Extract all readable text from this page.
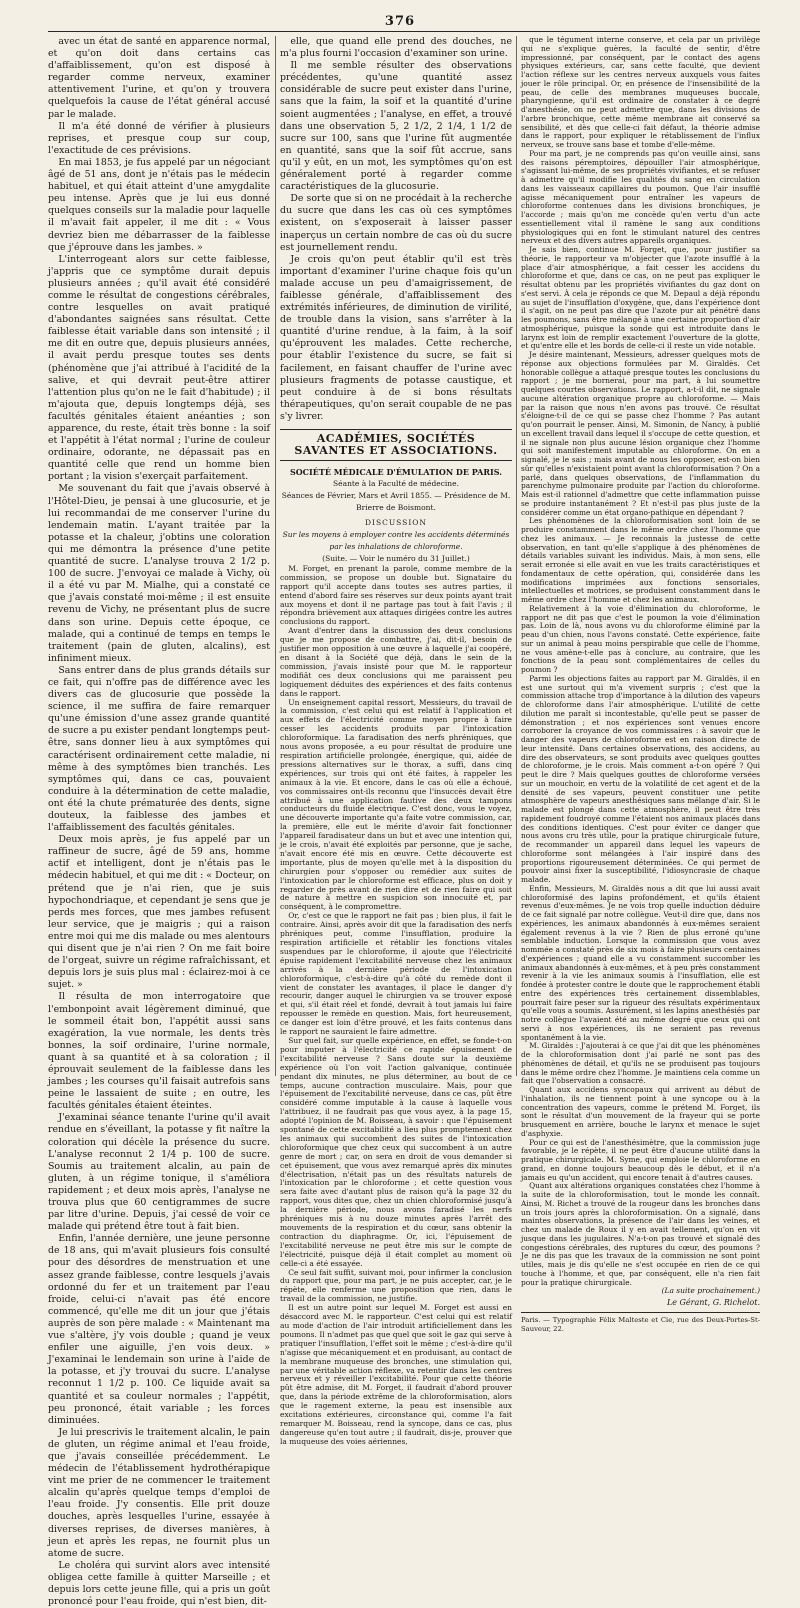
376

avec un état de santé en apparence normal, et qu'on doit dans certains cas d'affaiblissement, qu'on est disposé à regarder comme nerveux, examiner attentivement l'urine, et qu'on y trouvera quelquefois la cause de l'état général accusé par le malade.

Il m'a été donné de vérifier à plusieurs reprises, et presque coup sur coup, l'exactitude de ces prévisions.

En mai 1853, je fus appelé par un négociant âgé de 51 ans, dont je n'étais pas le médecin habituel, et qui était atteint d'une amygdalite peu intense. Après que je lui eus donné quelques conseils sur la maladie pour laquelle il m'avait fait appeler, il me dit : « Vous devriez bien me débarrasser de la faiblesse que j'éprouve dans les jambes. »

L'interrogeant alors sur cette faiblesse, j'appris que ce symptôme durait depuis plusieurs années ; qu'il avait été considéré comme le résultat de congestions cérébrales, contre lesquelles on avait pratiqué d'abondantes saignées sans résultat. Cette faiblesse était variable dans son intensité ; il me dit en outre que, depuis plusieurs années, il avait perdu presque toutes ses dents (phénomène que j'ai attribué à l'acidité de la salive, et qui devrait peut-être attirer l'attention plus qu'on ne le fait d'habitude) ; il m'ajouta que, depuis longtemps déjà, ses facultés génitales étaient anéanties ; son apparence, du reste, était très bonne : la soif et l'appétit à l'état normal ; l'urine de couleur ordinaire, odorante, ne dépassait pas en quantité celle que rend un homme bien portant ; la vision s'exerçait parfaitement.

Me souvenant du fait que j'avais observé à l'Hôtel-Dieu, je pensai à une glucosurie, et je lui recommandai de me conserver l'urine du lendemain matin. L'ayant traitée par la potasse et la chaleur, j'obtins une coloration qui me démontra la présence d'une petite quantité de sucre. L'analyse trouva 2 1/2 p. 100 de sucre. J'envoyai ce malade à Vichy, où il a été vu par M. Mialhe, qui a constaté ce que j'avais constaté moi-même ; il est ensuite revenu de Vichy, ne présentant plus de sucre dans son urine. Depuis cette époque, ce malade, qui a continué de temps en temps le traitement (pain de gluten, alcalins), est infiniment mieux.

Sans entrer dans de plus grands détails sur ce fait, qui n'offre pas de différence avec les divers cas de glucosurie que possède la science, il me suffira de faire remarquer qu'une émission d'une assez grande quantité de sucre a pu exister pendant longtemps peut-être, sans donner lieu à aux symptômes qui caractérisent ordinairement cette maladie, ni même à des symptômes bien tranchés. Les symptômes qui, dans ce cas, pouvaient conduire à la détermination de cette maladie, ont été la chute prématurée des dents, signe douteux, la faiblesse des jambes et l'affaiblissement des facultés génitales.

Deux mois après, je fus appelé par un raffineur de sucre, âgé de 59 ans, homme actif et intelligent, dont je n'étais pas le médecin habituel, et qui me dit : « Docteur, on prétend que je n'ai rien, que je suis hypochondriaque, et cependant je sens que je perds mes forces, que mes jambes refusent leur service, que je maigris ; qui a raison entre moi qui me dis malade ou mes alentours qui disent que je n'ai rien ? On me fait boire de l'orgeat, suivre un régime rafraîchissant, et depuis lors je suis plus mal : éclairez-moi à ce sujet. »

Il résulta de mon interrogatoire que l'embonpoint avait légèrement diminué, que le sommeil était bon, l'appétit aussi sans exagération, la vue normale, les dents très bonnes, la soif ordinaire, l'urine normale, quant à sa quantité et à sa coloration ; il éprouvait seulement de la faiblesse dans les jambes ; les courses qu'il faisait autrefois sans peine le lassaient de suite ; en outre, les facultés génitales étaient éteintes.

J'examinai séance tenante l'urine qu'il avait rendue en s'éveillant, la potasse y fit naître la coloration qui décèle la présence du sucre. L'analyse reconnut 2 1/4 p. 100 de sucre. Soumis au traitement alcalin, au pain de gluten, à un régime tonique, il s'améliora rapidement ; et deux mois après, l'analyse ne trouva plus que 60 centigrammes de sucre par litre d'urine. Depuis, j'ai cessé de voir ce malade qui prétend être tout à fait bien.

Enfin, l'année dernière, une jeune personne de 18 ans, qui m'avait plusieurs fois consulté pour des désordres de menstruation et une assez grande faiblesse, contre lesquels j'avais ordonné du fer et un traitement par l'eau froide, celui-ci n'avait pas été encore commencé, qu'elle me dit un jour que j'étais auprès de son père malade : « Maintenant ma vue s'altère, j'y vois double ; quand je veux enfiler une aiguille, j'en vois deux. » J'examinai le lendemain son urine à l'aide de la potasse, et j'y trouvai du sucre. L'analyse reconnut 1 1/2 p. 100. Ce liquide avait sa quantité et sa couleur normales ; l'appétit, peu prononcé, était variable ; les forces diminuées.

Je lui prescrivis le traitement alcalin, le pain de gluten, un régime animal et l'eau froide, que j'avais conseillée précédemment. Le médecin de l'établissement hydrothérapique vint me prier de ne commencer le traitement alcalin qu'après quelque temps d'emploi de l'eau froide. J'y consentis. Elle prit douze douches, après lesquelles l'urine, essayée à diverses reprises, de diverses manières, à jeun et après les repas, ne fournit plus un atome de sucre.

Le choléra qui survint alors avec intensité obligea cette famille à quitter Marseille ; et depuis lors cette jeune fille, qui a pris un goût prononcé pour l'eau froide, qui n'est bien, dit-

elle, que quand elle prend des douches, ne m'a plus fourni l'occasion d'examiner son urine.

Il me semble résulter des observations précédentes, qu'une quantité assez considérable de sucre peut exister dans l'urine, sans que la faim, la soif et la quantité d'urine soient augmentées ; l'analyse, en effet, a trouvé dans une observation 5, 2 1/2, 2 1/4, 1 1/2 de sucre sur 100, sans que l'urine fût augmentée en quantité, sans que la soif fût accrue, sans qu'il y eût, en un mot, les symptômes qu'on est généralement porté à regarder comme caractéristiques de la glucosurie.

De sorte que si on ne procédait à la recherche du sucre que dans les cas où ces symptômes existent, on s'exposerait à laisser passer inaperçus un certain nombre de cas où du sucre est journellement rendu.

Je crois qu'on peut établir qu'il est très important d'examiner l'urine chaque fois qu'un malade accuse un peu d'amaigrissement, de faiblesse générale, d'affaiblissement des extrémités inférieures, de diminution de virilité, de trouble dans la vision, sans s'arrêter à la quantité d'urine rendue, à la faim, à la soif qu'éprouvent les malades. Cette recherche, pour établir l'existence du sucre, se fait si facilement, en faisant chauffer de l'urine avec plusieurs fragments de potasse caustique, et peut conduire à de si bons résultats thérapeutiques, qu'on serait coupable de ne pas s'y livrer.

ACADÉMIES, SOCIÉTÉS SAVANTES ET ASSOCIATIONS.
SOCIÉTÉ MÉDICALE D'ÉMULATION DE PARIS.
Séante à la Faculté de médecine.
Séances de Février, Mars et Avril 1855. — Présidence de M. Brierre de Boismont.
DISCUSSION
Sur les moyens à employer contre les accidents déterminés par les inhalations de chloroforme.
(Suite. — Voir le numéro du 31 Juillet.)

M. Forget, en prenant la parole, comme membre de la commission, se propose un double but. Signataire du rapport qu'il accepte dans toutes ses autres parties, il entend d'abord faire ses réserves sur deux points ayant trait aux moyens et dont il ne partage pas tout à fait l'avis ; il répondra brièvement aux attaques dirigées contre les autres conclusions du rapport.

Avant d'entrer dans la discussion des deux conclusions que je me propose de combattre, j'ai, dit-il, besoin de justifier mon opposition à une œuvre à laquelle j'ai coopéré, en disant à la Société que déjà, dans le sein de la commission, j'avais insisté pour que M. le rapporteur modifiât ces deux conclusions qui me paraissent peu logiquement déduites des expériences et des faits contenus dans le rapport.

Un enseignement capital ressort, Messieurs, du travail de la commission, c'est celui qui est relatif à l'application et aux effets de l'électricité comme moyen propre à faire cesser les accidents produits par l'intoxication chloroformique. La faradisation des nerfs phréniques, que nous avons proposée, a eu pour résultat de produire une respiration artificielle prolongée, énergique, qui, aidée de pressions alternatives sur le thorax, a suffi, dans cinq expériences, sur trois qui ont été faites, à rappeler les animaux à la vie. Et encore, dans le cas où elle a échoué, vos commissaires ont-ils reconnu que l'insuccès devait être attribué à une application fautive des deux tampons conducteurs du fluide électrique. C'est donc, vous le voyez, une découverte importante qu'a faite votre commission, car, la première, elle eut le mérite d'avoir fait fonctionner l'appareil faradisateur dans un but et avec une intention qui, je le crois, n'avait été exploités par personne, que je sache, n'avait encore été mis en œuvre. Cette découverte est importante, plus de moyen qu'elle met à la disposition du chirurgien pour s'opposer ou remédier aux suites de l'intoxication par le chloroforme est efficace, plus on doit y regarder de près avant de rien dire et de rien faire qui soit de nature à mettre en suspicion son innocuité et, par conséquent, à le compromettre.

Or, c'est ce que le rapport ne fait pas ; bien plus, il fait le contraire. Ainsi, après avoir dit que la faradisation des nerfs phréniques peut, comme l'insufflation, produire la respiration artificielle et rétablir les fonctions vitales suspendues par le chloroforme, il ajoute que l'électricité épuise rapidement l'excitabilité nerveuse chez les animaux arrivés à la dernière période de l'intoxication chloroformique, c'est-à-dire qu'à côté du remède dont il vient de constater les avantages, il place le danger d'y recourir, danger auquel le chirurgien va se trouver exposé et qui, s'il était réel et fondé, devrait à tout jamais lui faire repousser le remède en question. Mais, fort heureusement, ce danger est loin d'être prouvé, et les faits contenus dans le rapport ne sauraient le faire admettre.

Sur quel fait, sur quelle expérience, en effet, se fonde-t-on pour imputer à l'électricité ce rapide épuisement de l'excitabilité nerveuse ? Sans doute sur la deuxième expérience où l'on voit l'action galvanique, continuée pendant dix minutes, ne plus déterminer, au bout de ce temps, aucune contraction musculaire. Mais, pour que l'épuisement de l'excitabilité nerveuse, dans ce cas, pût être considéré comme imputable à la cause à laquelle vous l'attribuez, il ne faudrait pas que vous ayez, à la page 15, adopté l'opinion de M. Boisseau, à savoir : que l'épuisement spontané de cette excitabilité a lieu plus promptement chez les animaux qui succombent des suites de l'intoxication chloroformique que chez ceux qui succombent à un autre genre de mort ; car, on sera en droit de vous demander si cet épuisement, que vous avez remarqué après dix minutes d'électrisation, n'était pas un des résultats naturels de l'intoxication par le chloroforme ; et cette question vous sera faite avec d'autant plus de raison qu'à la page 32 du rapport, vous dites que, chez un chien chloroformisé jusqu'à la dernière période, nous avons faradisé les nerfs phréniques mis à nu douze minutes après l'arrêt des mouvements de la respiration et du cœur, sans obtenir la contraction du diaphragme. Or, ici, l'épuisement de l'excitabilité nerveuse ne peut être mis sur le compte de l'électricité, puisque déjà il était complet au moment où celle-ci a été essayée.

Ce seul fait suffit, suivant moi, pour infirmer la conclusion du rapport que, pour ma part, je ne puis accepter, car, je le répète, elle renferme une proposition que rien, dans le travail de la commission, ne justifie.

Il est un autre point sur lequel M. Forget est aussi en désaccord avec M. le rapporteur. C'est celui qui est relatif au mode d'action de l'air introduit artificiellement dans les poumons. Il n'admet pas que quel que soit le gaz qui serve à pratiquer l'insufflation, l'effet soit le même ; c'est-à-dire qu'il n'agisse que mécaniquement et en produisant, au contact de la membrane muqueuse des bronches, une stimulation qui, par une véritable action réflexe, va retentir dans les centres nerveux et y réveiller l'excitabilité. Pour que cette théorie pût être admise, dit M. Forget, il faudrait d'abord prouver que, dans la période extrême de la chloroformisation, alors que le ragement externe, la peau est insensible aux excitations extérieures, circonstance qui, comme l'a fait remarquer M. Boisseau, rend la syncope, dans ce cas, plus dangereuse qu'en tout autre ; il faudrait, dis-je, prouver que la muqueuse des voies aériennes,

que le tégument interne conserve, et cela par un privilège qui ne s'explique guères, la faculté de sentir, d'être impressionné, par conséquent, par le contact des agens physiques extérieurs, car, sans cette faculté, que devient l'action réflexe sur les centres nerveux auxquels vous faites jouer le rôle principal. Or, en présence de l'insensibilité de la peau, de celle des membranes muqueuses buccale, pharyngienne, qu'il est ordinaire de constater à ce degré d'anesthésie, on ne peut admettre que, dans les divisions de l'arbre bronchique, cette même membrane ait conservé sa sensibilité, et dès que celle-ci fait défaut, la théorie admise dans le rapport, pour expliquer le rétablissement de l'influx nerveux, se trouve sans base et tombe d'elle-même.

Pour ma part, je ne comprends pas qu'on veuille ainsi, sans des raisons péremptoires, dépouiller l'air atmosphérique, s'agissant lui-même, de ses propriétés vivifiantes, et se refuser à admettre qu'il modifie les qualités du sang en circulation dans les vaisseaux capillaires du poumon. Que l'air insufflé agisse mécaniquement pour entraîner les vapeurs de chloroforme contenues dans les divisions bronchiques, je l'accorde ; mais qu'on me concède qu'en vertu d'un acte essentiellement vital il ramène le sang aux conditions physiologiques qui en font le stimulant naturel des centres nerveux et des divers autres appareils organiques.

Je sais bien, continue M. Forget, que, pour justifier sa théorie, le rapporteur va m'objecter que l'azote insufflé à la place d'air atmosphérique, a fait cesser les accidens du chloroforme et que, dans ce cas, on ne peut pas expliquer le résultat obtenu par les propriétés vivifiantes du gaz dont on s'est servi. À cela je réponds ce que M. Depaul a déjà répondu au sujet de l'insufflation d'oxygène, que, dans l'expérience dont il s'agit, on ne peut pas dire que l'azote pur ait pénétré dans les poumons, sans être mélangé à une certaine proportion d'air atmosphérique, puisque la sonde qui est introduite dans le larynx est loin de remplir exactement l'ouverture de la glotte, et qu'entre elle et les bords de celle-ci il reste un vide notable.

Je désire maintenant, Messieurs, adresser quelques mots de réponse aux objections formulées par M. Giraldès. Cet honorable collègue a attaqué presque toutes les conclusions du rapport ; je me bornerai, pour ma part, à lui soumettre quelques courtes observations. Le rapport, a-t-il dit, ne signale aucune altération organique propre au chloroforme. — Mais par la raison que nous n'en avons pas trouvé. Ce résultat s'éloigne-t-il de ce qui se passe chez l'homme ? Pas autant qu'on pourrait le penser. Ainsi, M. Simonin, de Nancy, à publié un excellent travail dans lequel il s'occupe de cette question, et il ne signale non plus aucune lésion organique chez l'homme qui soit manifestement imputable au chloroforme. On en a signalé, je le sais ; mais avant de nous les opposer, est-on bien sûr qu'elles n'existaient point avant la chloroformisation ? On a parlé, dans quelques observations, de l'inflammation du parenchyme pulmonaire produite par l'action du chloroforme. Mais est-il rationnel d'admettre que cette inflammation puisse se produire instantanément ? Et n'est-il pas plus juste de la considérer comme un état organo-pathique en dépendant ?

Les phénomènes de la chloroformisation sont loin de se produire constamment dans le même ordre chez l'homme que chez les animaux. — Je reconnais la justesse de cette observation, en tant qu'elle s'applique à des phénomènes de détails variables suivant les individus. Mais, à mon sens, elle serait erronée si elle avait en vue les traits caractéristiques et fondamentaux de cette opération, qui, considérée dans les modifications imprimées aux fonctions sensoriales, intellectuelles et motrices, se produisent constamment dans le même ordre chez l'homme et chez les animaux.

Relativement à la voie d'élimination du chloroforme, le rapport ne dit pas que c'est le poumon la voie d'élimination pas. Loin de là, nous avons vu du chloroforme éliminé par la peau d'un chien, nous l'avons constaté. Cette expérience, faite sur un animal à peau moins perspirable que celle de l'homme, ne vous amène-t-elle pas à conclure, au contraire, que les fonctions de la peau sont complémentaires de celles du poumon ?

Parmi les objections faites au rapport par M. Giraldès, il en est une surtout qui m'a vivement surpris ; c'est que la commission attache trop d'importance à la dilution des vapeurs de chloroforme dans l'air atmosphérique. L'utilité de cette dilution me paraît si incontestable, qu'elle peut se passer de démonstration ; et nos expériences sont venues encore corroborer la croyance de vos commissaires : à savoir que le danger des vapeurs de chloroforme est en raison directe de leur intensité. Dans certaines observations, des accidens, au dire des observateurs, se sont produits avec quelques gouttes de chloroforme, je le crois. Mais comment a-t-on opéré ? Qui peut le dire ? Mais quelques gouttes de chloroforme versées sur un mouchoir, en vertu de la volatilité de cet agent et de la densité de ses vapeurs, peuvent constituer une petite atmosphère de vapeurs anesthésiques sans mélange d'air. Si le malade est plongé dans cette atmosphère, il peut être très rapidement foudroyé comme l'étaient nos animaux placés dans des conditions identiques. C'est pour éviter ce danger que nous avons cru très utile, pour la pratique chirurgicale future, de recommander un appareil dans lequel les vapeurs de chloroforme sont mélangées à l'air inspiré dans des proportions rigoureusement déterminées. Ce qui permet de pouvoir ainsi fixer la susceptibilité, l'idiosyncrasie de chaque malade.

Enfin, Messieurs, M. Giraldès nous a dit que lui aussi avait chloroformisé des lapins profondément, et qu'ils étaient revenus d'eux-mêmes. Je ne vois trop quelle induction déduire de ce fait signalé par notre collègue. Veut-il dire que, dans nos expériences, les animaux abandonnés à eux-mêmes seraient également revenus à la vie ? Rien de plus erroné qu'une semblable induction. Lorsque la commission que vous avez nommée a constaté près de six mois à faire plusieurs centaines d'expériences ; quand elle a vu constamment succomber les animaux abandonnés à eux-mêmes, et à peu près constamment revenir à la vie les animaux soumis à l'insufflation, elle est fondée à protester contre le doute que le rapprochement établi entre des expériences très certainement dissemblables, pourrait faire peser sur la rigueur des résultats expérimentaux qu'elle vous a soumis. Assurément, si les lapins anesthésiés par notre collègue l'avaient été au même degré que ceux qui ont servi à nos expériences, ils ne seraient pas revenus spontanément à la vie.

M. Giraldès : J'ajouterai à ce que j'ai dit que les phénomènes de la chloroformisation dont j'ai parlé ne sont pas des phénomènes de détail, et qu'ils ne se produisent pas toujours dans le même ordre chez l'homme. Je maintiens cela comme un fait que l'observation a consacré.

Quant aux accidens syncopaux qui arrivent au début de l'inhalation, ils ne tiennent point à une syncope ou à la concentration des vapeurs, comme le prétend M. Forget, ils sont le résultat d'un mouvement de la frayeur qui se porte brusquement en arrière, bouche le larynx et menace le sujet d'asphyxie.

Pour ce qui est de l'anesthésimètre, que la commission juge favorable, je le répète, il ne peut être d'aucune utilité dans la pratique chirurgicale. M. Syme, qui emploie le chloroforme en grand, en donne toujours beaucoup dès le début, et il n'a jamais eu qu'un accident, qui encore tenait à d'autres causes.

Quant aux altérations organiques constatées chez l'homme à la suite de la chloroformisation, tout le monde les connaît. Ainsi, M. Richet a trouvé de la rougeur dans les bronches dans un trois jours après la chloroformisation. On a signalé, dans maintes observations, la présence de l'air dans les veines, et chez un malade de Roux il y en avait tellement, qu'on en vit jusque dans les jugulaires. N'a-t-on pas trouvé et signalé des congestions cérébrales, des ruptures du cœur, des poumons ? Je ne dis pas que les travaux de la commission ne sont point utiles, mais je dis qu'elle ne s'est occupée en rien de ce qui touche à l'homme, et que, par conséquent, elle n'a rien fait pour la pratique chirurgicale.

(La suite prochainement.)
Le Gérant, G. Richelot.
Paris. — Typographie Félix Malteste et Cie, rue des Deux-Portes-St-Sauveur, 22.
